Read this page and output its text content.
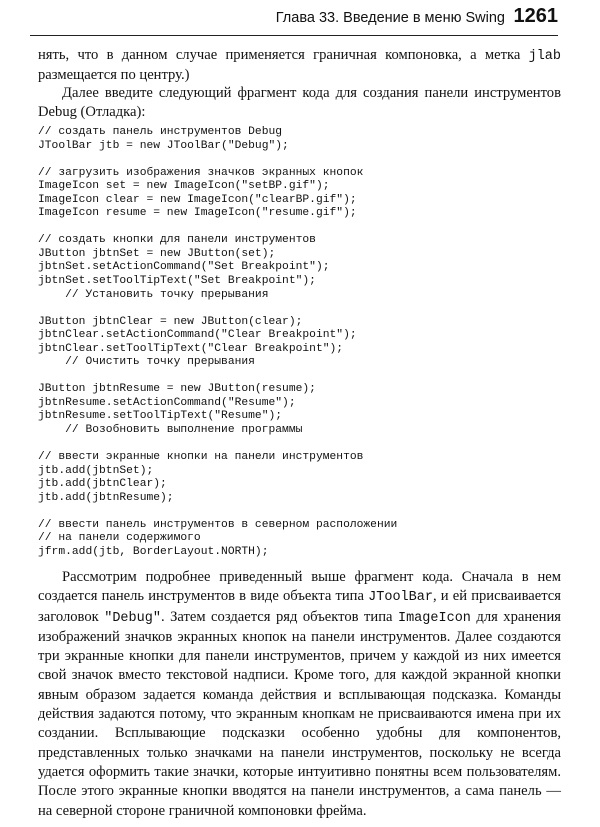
Глава 33. Введение в меню Swing 1261

нять, что в данном случае применяется граничная компоновка, а метка jlab размещается по центру.)

Далее введите следующий фрагмент кода для создания панели инструментов Debug (Отладка):

// создать панель инструментов Debug
JToolBar jtb = new JToolBar("Debug");
// загрузить изображения значков экранных кнопок
ImageIcon set = new ImageIcon("setBP.gif");
ImageIcon clear = new ImageIcon("clearBP.gif");
ImageIcon resume = new ImageIcon("resume.gif");
// создать кнопки для панели инструментов
JButton jbtnSet = new JButton(set);
jbtnSet.setActionCommand("Set Breakpoint");
jbtnSet.setToolTipText("Set Breakpoint");
// Установить точку прерывания
JButton jbtnClear = new JButton(clear);
jbtnClear.setActionCommand("Clear Breakpoint");
jbtnClear.setToolTipText("Clear Breakpoint");
// Очистить точку прерывания
JButton jbtnResume = new JButton(resume);
jbtnResume.setActionCommand("Resume");
jbtnResume.setToolTipText("Resume");
// Возобновить выполнение программы
// ввести экранные кнопки на панели инструментов
jtb.add(jbtnSet);
jtb.add(jbtnClear);
jtb.add(jbtnResume);
// ввести панель инструментов в северном расположении
// на панели содержимого
jfrm.add(jtb, BorderLayout.NORTH);

Рассмотрим подробнее приведенный выше фрагмент кода. Сначала в нем создается панель инструментов в виде объекта типа JToolBar, и ей присваивается заголовок "Debug". Затем создается ряд объектов типа ImageIcon для хранения изображений значков экранных кнопок на панели инструментов. Далее создаются три экранные кнопки для панели инструментов, причем у каждой из них имеется свой значок вместо текстовой надписи. Кроме того, для каждой экранной кнопки явным образом задается команда действия и всплывающая подсказка. Команды действия задаются потому, что экранным кнопкам не присваиваются имена при их создании. Всплывающие подсказки особенно удобны для компонентов, представленных только значками на панели инструментов, поскольку не всегда удается оформить такие значки, которые интуитивно понятны всем пользователям. После этого экранные кнопки вводятся на панели инструментов, а сама панель — на северной стороне граничной компоновки фрейма.
